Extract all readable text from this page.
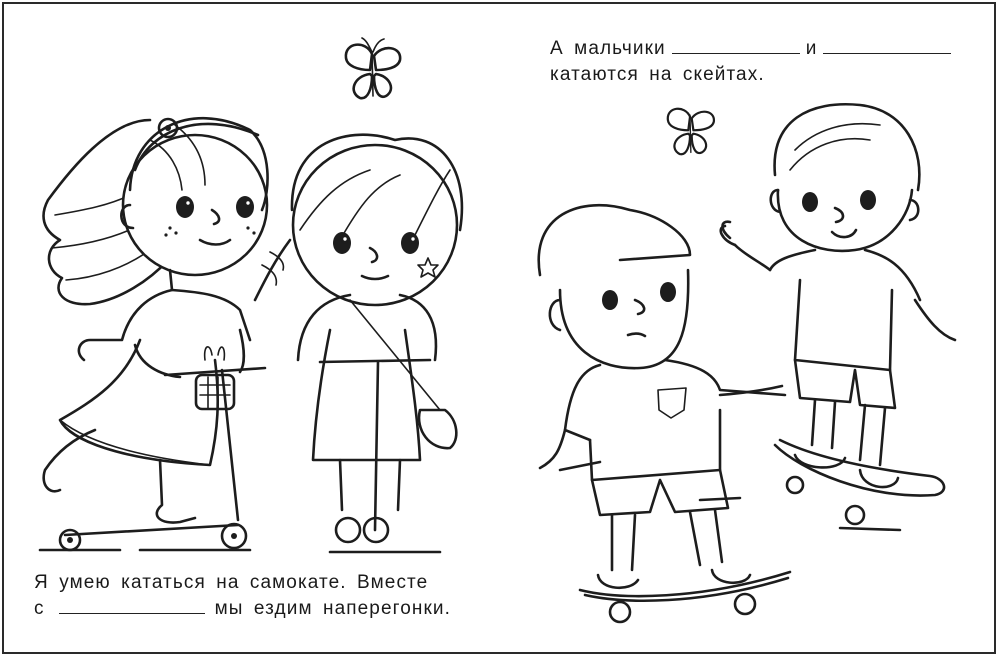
А мальчики	и
катаются на скейтах.
Я умею кататься на самокате. Вместе
с	мы ездим наперегонки.
